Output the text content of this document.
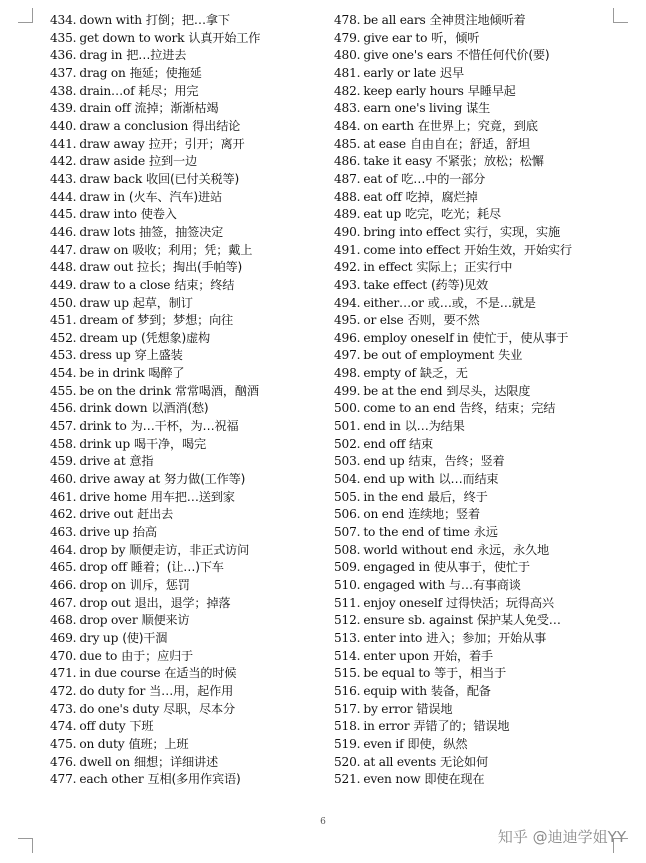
434. down with 打倒；把…拿下
435. get down to work 认真开始工作
436. drag in 把…拉进去
437. drag on 拖延；使拖延
438. drain…of 耗尽；用完
439. drain off 流掉；渐渐枯竭
440. draw a conclusion 得出结论
441. draw away 拉开；引开；离开
442. draw aside 拉到一边
443. draw back 收回(已付关税等)
444. draw in (火车、汽车)进站
445. draw into 使卷入
446. draw lots 抽签，抽签决定
447. draw on 吸收；利用；凭；戴上
448. draw out 拉长；掏出(手帕等)
449. draw to a close 结束；终结
450. draw up 起草，制订
451. dream of 梦到；梦想；向往
452. dream up (凭想象)虚构
453. dress up 穿上盛装
454. be in drink 喝醉了
455. be on the drink 常常喝酒，酗酒
456. drink down 以酒消(愁)
457. drink to 为…干杯，为…祝福
458. drink up 喝干净，喝完
459. drive at 意指
460. drive away at 努力做(工作等)
461. drive home 用车把…送到家
462. drive out 赶出去
463. drive up 抬高
464. drop by 顺便走访，非正式访问
465. drop off 睡着；(让…)下车
466. drop on 训斥，惩罚
467. drop out 退出，退学；掉落
468. drop over 顺便来访
469. dry up (使)干涸
470. due to 由于；应归于
471. in due course 在适当的时候
472. do duty for 当…用，起作用
473. do one's duty 尽职，尽本分
474. off duty 下班
475. on duty 值班；上班
476. dwell on 细想；详细讲述
477. each other 互相(多用作宾语)
478. be all ears 全神贯注地倾听着
479. give ear to 听，倾听
480. give one's ears 不惜任何代价(要)
481. early or late 迟早
482. keep early hours 早睡早起
483. earn one's living 谋生
484. on earth 在世界上；究竟，到底
485. at ease 自由自在；舒适，舒坦
486. take it easy 不紧张；放松；松懈
487. eat of 吃…中的一部分
488. eat off 吃掉，腐烂掉
489. eat up 吃完，吃光；耗尽
490. bring into effect 实行，实现，实施
491. come into effect 开始生效，开始实行
492. in effect 实际上；正实行中
493. take effect (药等)见效
494. either…or 或…或，不是…就是
495. or else 否则，要不然
496. employ oneself in 使忙于，使从事于
497. be out of employment 失业
498. empty of 缺乏，无
499. be at the end 到尽头，达限度
500. come to an end 告终，结束；完结
501. end in 以…为结果
502. end off 结束
503. end up 结束，告终；竖着
504. end up with 以…而结束
505. in the end 最后，终于
506. on end 连续地；竖着
507. to the end of time 永远
508. world without end 永远，永久地
509. engaged in 使从事于，使忙于
510. engaged with 与…有事商谈
511. enjoy oneself 过得快活；玩得高兴
512. ensure sb. against 保护某人免受…
513. enter into 进入；参加；开始从事
514. enter upon 开始，着手
515. be equal to 等于，相当于
516. equip with 装备，配备
517. by error 错误地
518. in error 弄错了的；错误地
519. even if 即使，纵然
520. at all events 无论如何
521. even now 即使在现在
6
知乎 @迪迪学姐YY
